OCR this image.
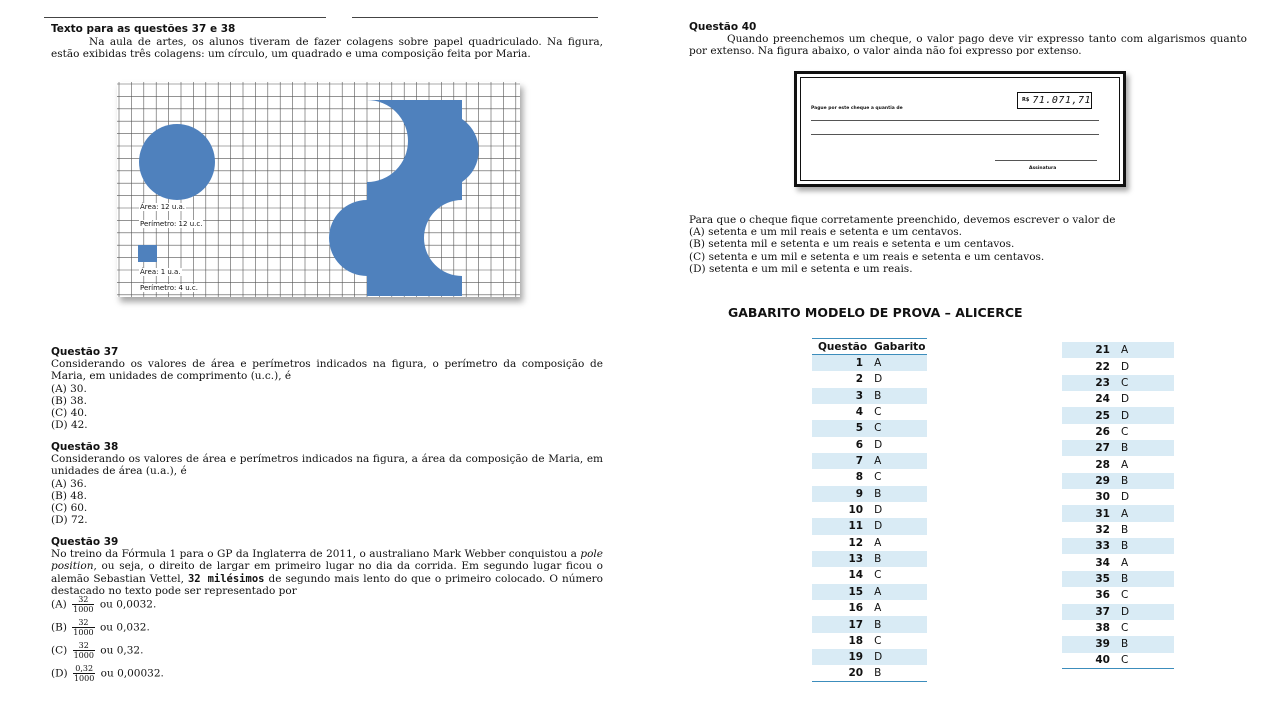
Texto para as questões 37 e 38
Na aula de artes, os alunos tiveram de fazer colagens sobre papel quadriculado. Na figura, estão exibidas três colagens: um círculo, um quadrado e uma composição feita por Maria.
Área: 12 u.a.
Perímetro: 12 u.c.
Área: 1 u.a.
Perímetro: 4 u.c.
Questão 37
Considerando os valores de área e perímetros indicados na figura, o perímetro da composição de Maria, em unidades de comprimento (u.c.), é
(A) 30.
(B) 38.
(C) 40.
(D) 42.
Questão 38
Considerando os valores de área e perímetros indicados na figura, a área da composição de Maria, em unidades de área (u.a.), é
(A) 36.
(B) 48.
(C) 60.
(D) 72.
Questão 39
No treino da Fórmula 1 para o GP da Inglaterra de 2011, o australiano Mark Webber conquistou a pole position, ou seja, o direito de largar em primeiro lugar no dia da corrida. Em segundo lugar ficou o alemão Sebastian Vettel, 32 milésimos de segundo mais lento do que o primeiro colocado. O número destacado no texto pode ser representado por
$(A) \frac{32}{1000}$ ou 0,0032.
$(B) \frac{32}{1000}$ ou 0,032.
$(C) \frac{32}{1000}$ ou 0,32.
$(D) \frac{0,32}{1000}$ ou 0,00032.
Questão 40
Quando preenchemos um cheque, o valor pago deve vir expresso tanto com algarismos quanto por extenso. Na figura abaixo, o valor ainda não foi expresso por extenso.
R$ 71.071,71
Pague por este cheque a quantia de
Assinatura
Para que o cheque fique corretamente preenchido, devemos escrever o valor de
(A) setenta e um mil reais e setenta e um centavos.
(B) setenta mil e setenta e um reais e setenta e um centavos.
(C) setenta e um mil e setenta e um reais e setenta e um centavos.
(D) setenta e um mil e setenta e um reais.
GABARITO MODELO DE PROVA – ALICERCE
Questão	Gabarito
1	A
2	D
3	B
4	C
5	C
6	D
7	A
8	C
9	B
10	D
11	D
12	A
13	B
14	C
15	A
16	A
17	B
18	C
19	D
20	B
21	A
22	D
23	C
24	D
25	D
26	C
27	B
28	A
29	B
30	D
31	A
32	B
33	B
34	A
35	B
36	C
37	D
38	C
39	B
40	C
